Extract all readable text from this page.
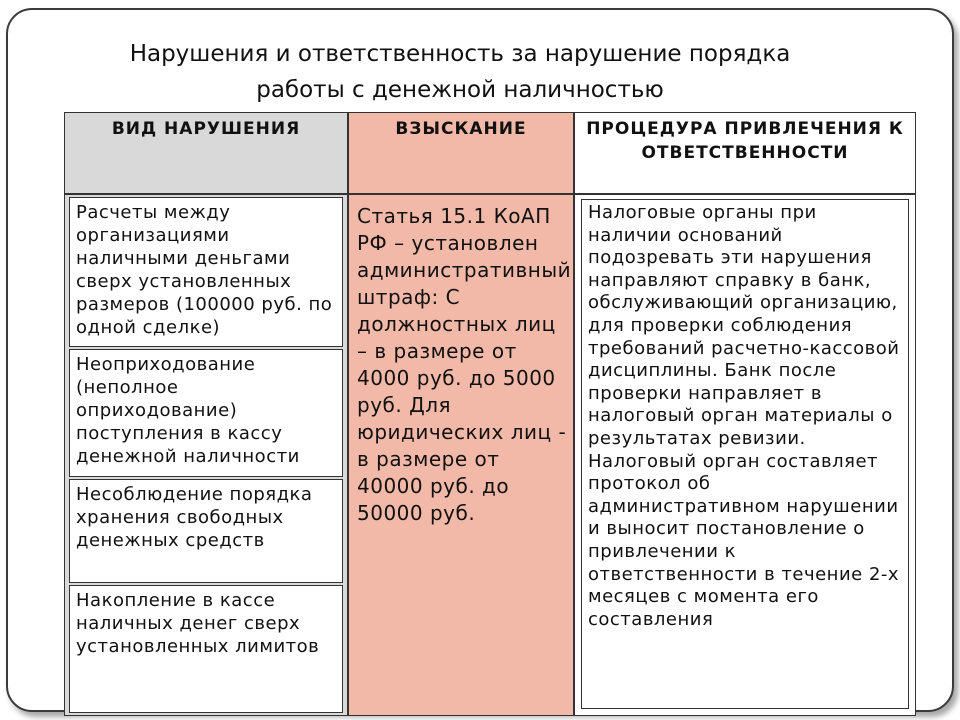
Нарушения и ответственность за нарушение порядка
работы с денежной наличностью
ВИД НАРУШЕНИЯ	ВЗЫСКАНИЕ	ПРОЦЕДУРА ПРИВЛЕЧЕНИЯ К ОТВЕТСТВЕННОСТИ
Расчеты между организациями наличными деньгами сверх установленных размеров (100000 руб. по одной сделке)
Неоприходование (неполное оприходование) поступления в кассу денежной наличности
Несоблюдение порядка хранения свободных денежных средств
Накопление в кассе наличных денег сверх установленных лимитов
Статья 15.1 КоАП РФ – установлен административный штраф: С должностных лиц – в размере от 4000 руб. до 5000 руб. Для юридических лиц - в размере от 40000 руб. до 50000 руб.
Налоговые органы при наличии оснований подозревать эти нарушения направляют справку в банк, обслуживающий организацию, для проверки соблюдения требований расчетно-кассовой дисциплины. Банк после проверки направляет в налоговый орган материалы о результатах ревизии. Налоговый орган составляет протокол об административном нарушении и выносит постановление о привлечении к ответственности в течение 2-х месяцев с момента его составления
